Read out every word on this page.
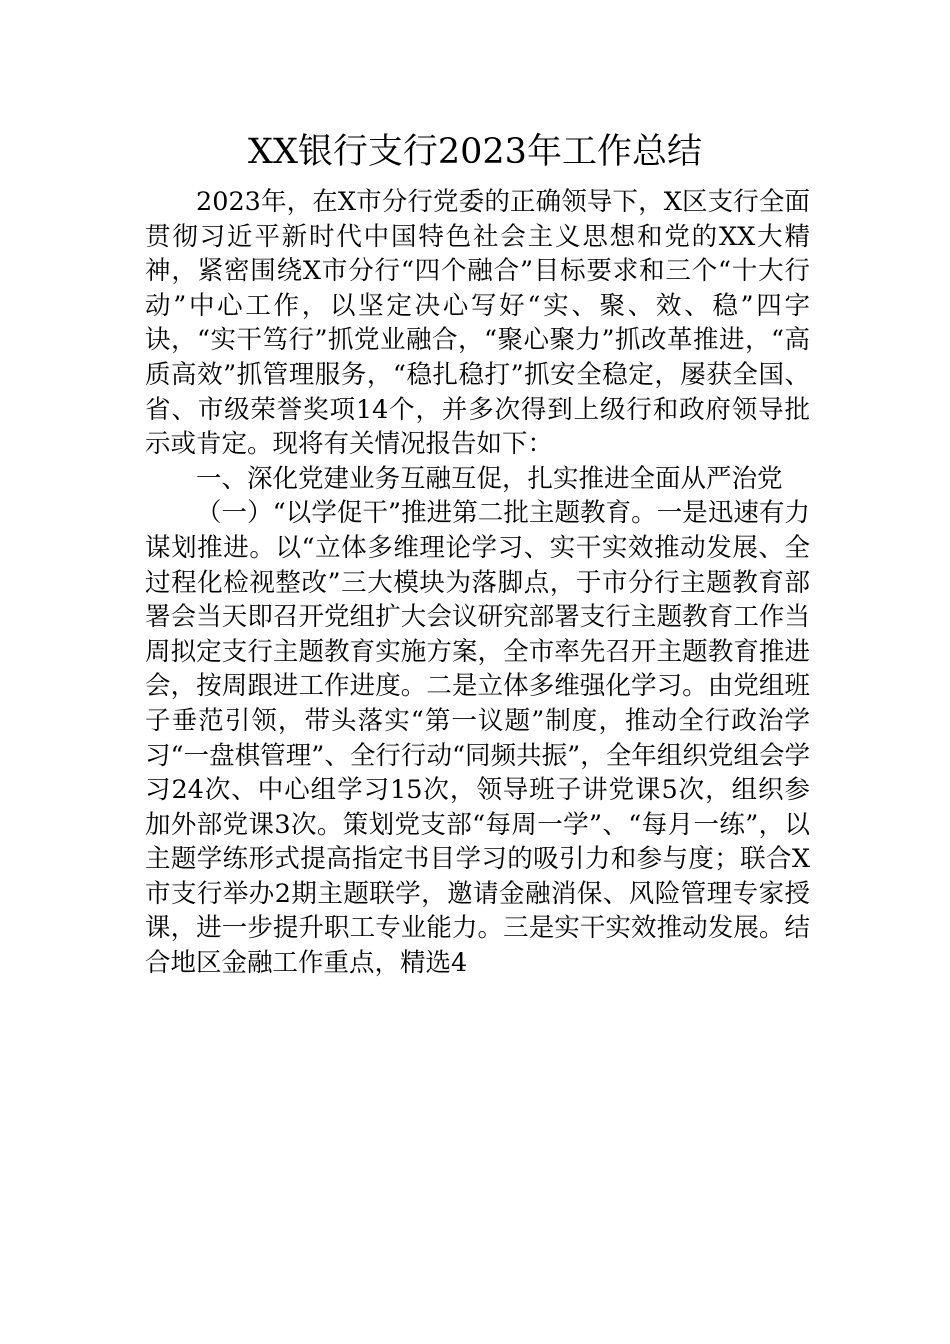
XX银行支行2023年工作总结

2023年，在X市分行党委的正确领导下，X区支行全面贯彻习近平新时代中国特色社会主义思想和党的XX大精神，紧密围绕X市分行“四个融合”目标要求和三个“十大行动”中心工作，以坚定决心写好“实、聚、效、稳”四字诀，“实干笃行”抓党业融合，“聚心聚力”抓改革推进，“高质高效”抓管理服务，“稳扎稳打”抓安全稳定，屡获全国、省、市级荣誉奖项14个，并多次得到上级行和政府领导批示或肯定。现将有关情况报告如下：

一、深化党建业务互融互促，扎实推进全面从严治党

（一）“以学促干”推进第二批主题教育。一是迅速有力谋划推进。以“立体多维理论学习、实干实效推动发展、全过程化检视整改”三大模块为落脚点，于市分行主题教育部署会当天即召开党组扩大会议研究部署支行主题教育工作当周拟定支行主题教育实施方案，全市率先召开主题教育推进会，按周跟进工作进度。二是立体多维强化学习。由党组班子垂范引领，带头落实“第一议题”制度，推动全行政治学习“一盘棋管理”、全行行动“同频共振”，全年组织党组会学习24次、中心组学习15次，领导班子讲党课5次，组织参加外部党课3次。策划党支部“每周一学”、“每月一练”，以主题学练形式提高指定书目学习的吸引力和参与度；联合X市支行举办2期主题联学，邀请金融消保、风险管理专家授课，进一步提升职工专业能力。三是实干实效推动发展。结合地区金融工作重点，精选4
